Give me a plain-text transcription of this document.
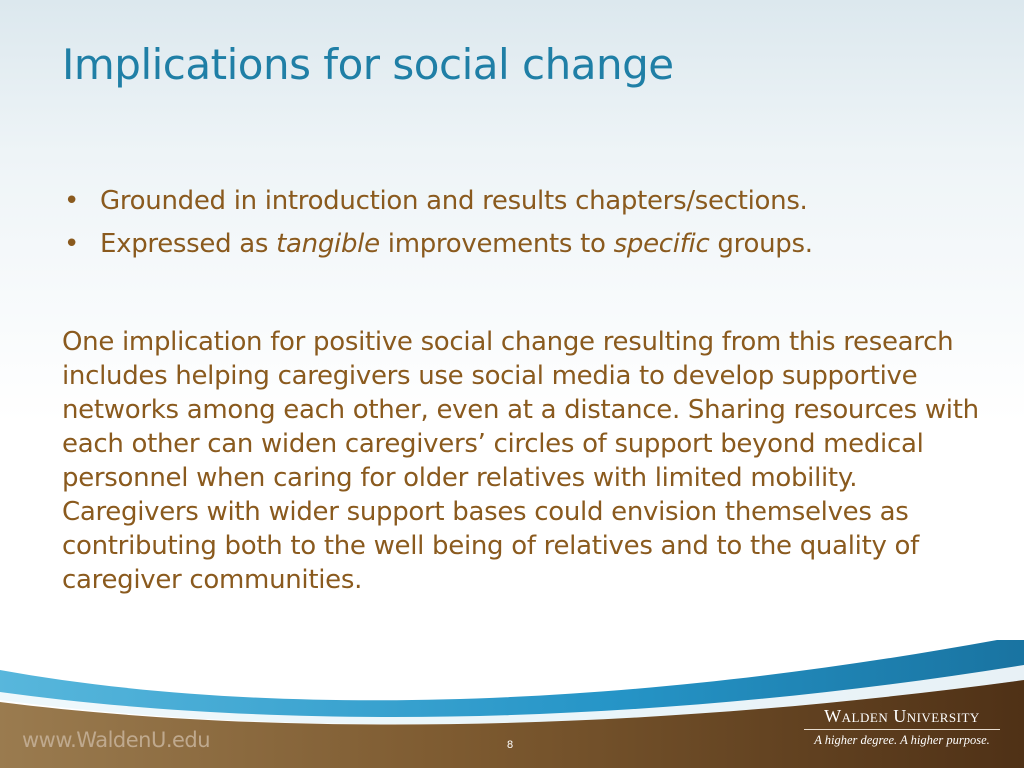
Implications for social change
• Grounded in introduction and results chapters/sections.
• Expressed as tangible improvements to specific groups.
One implication for positive social change resulting from this research includes helping caregivers use social media to develop supportive networks among each other, even at a distance. Sharing resources with each other can widen caregivers’ circles of support beyond medical personnel when caring for older relatives with limited mobility. Caregivers with wider support bases could envision themselves as contributing both to the well being of relatives and to the quality of caregiver communities.
www.WaldenU.edu	8
Walden University
A higher degree. A higher purpose.
